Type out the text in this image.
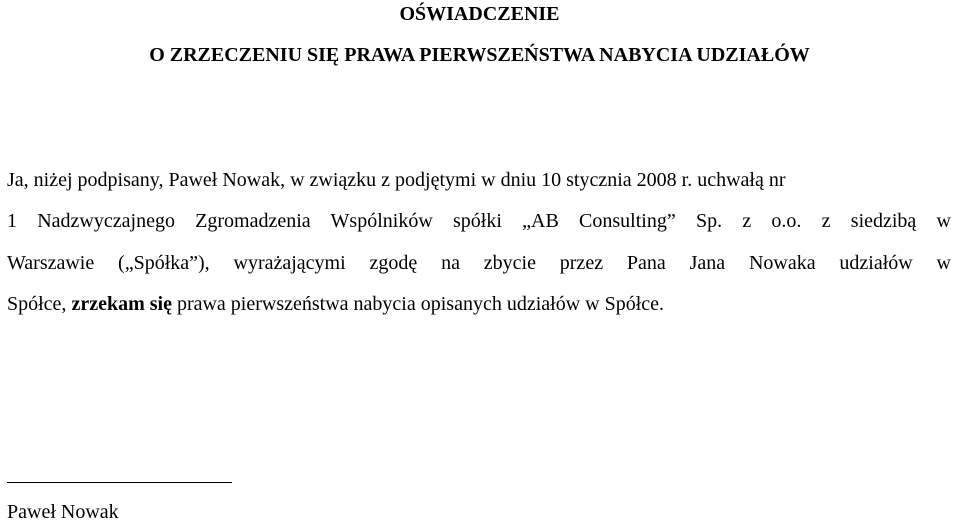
OŚWIADCZENIE
O ZRZECZENIU SIĘ PRAWA PIERWSZEŃSTWA NABYCIA UDZIAŁÓW
Ja, niżej podpisany, Paweł Nowak, w związku z podjętymi w dniu 10 stycznia 2008 r. uchwałą nr
1 Nadzwyczajnego Zgromadzenia Wspólników spółki „AB Consulting” Sp. z o.o. z siedzibą w
Warszawie („Spółka”), wyrażającymi zgodę na zbycie przez Pana Jana Nowaka udziałów w
Spółce, zrzekam się prawa pierwszeństwa nabycia opisanych udziałów w Spółce.
Paweł Nowak
